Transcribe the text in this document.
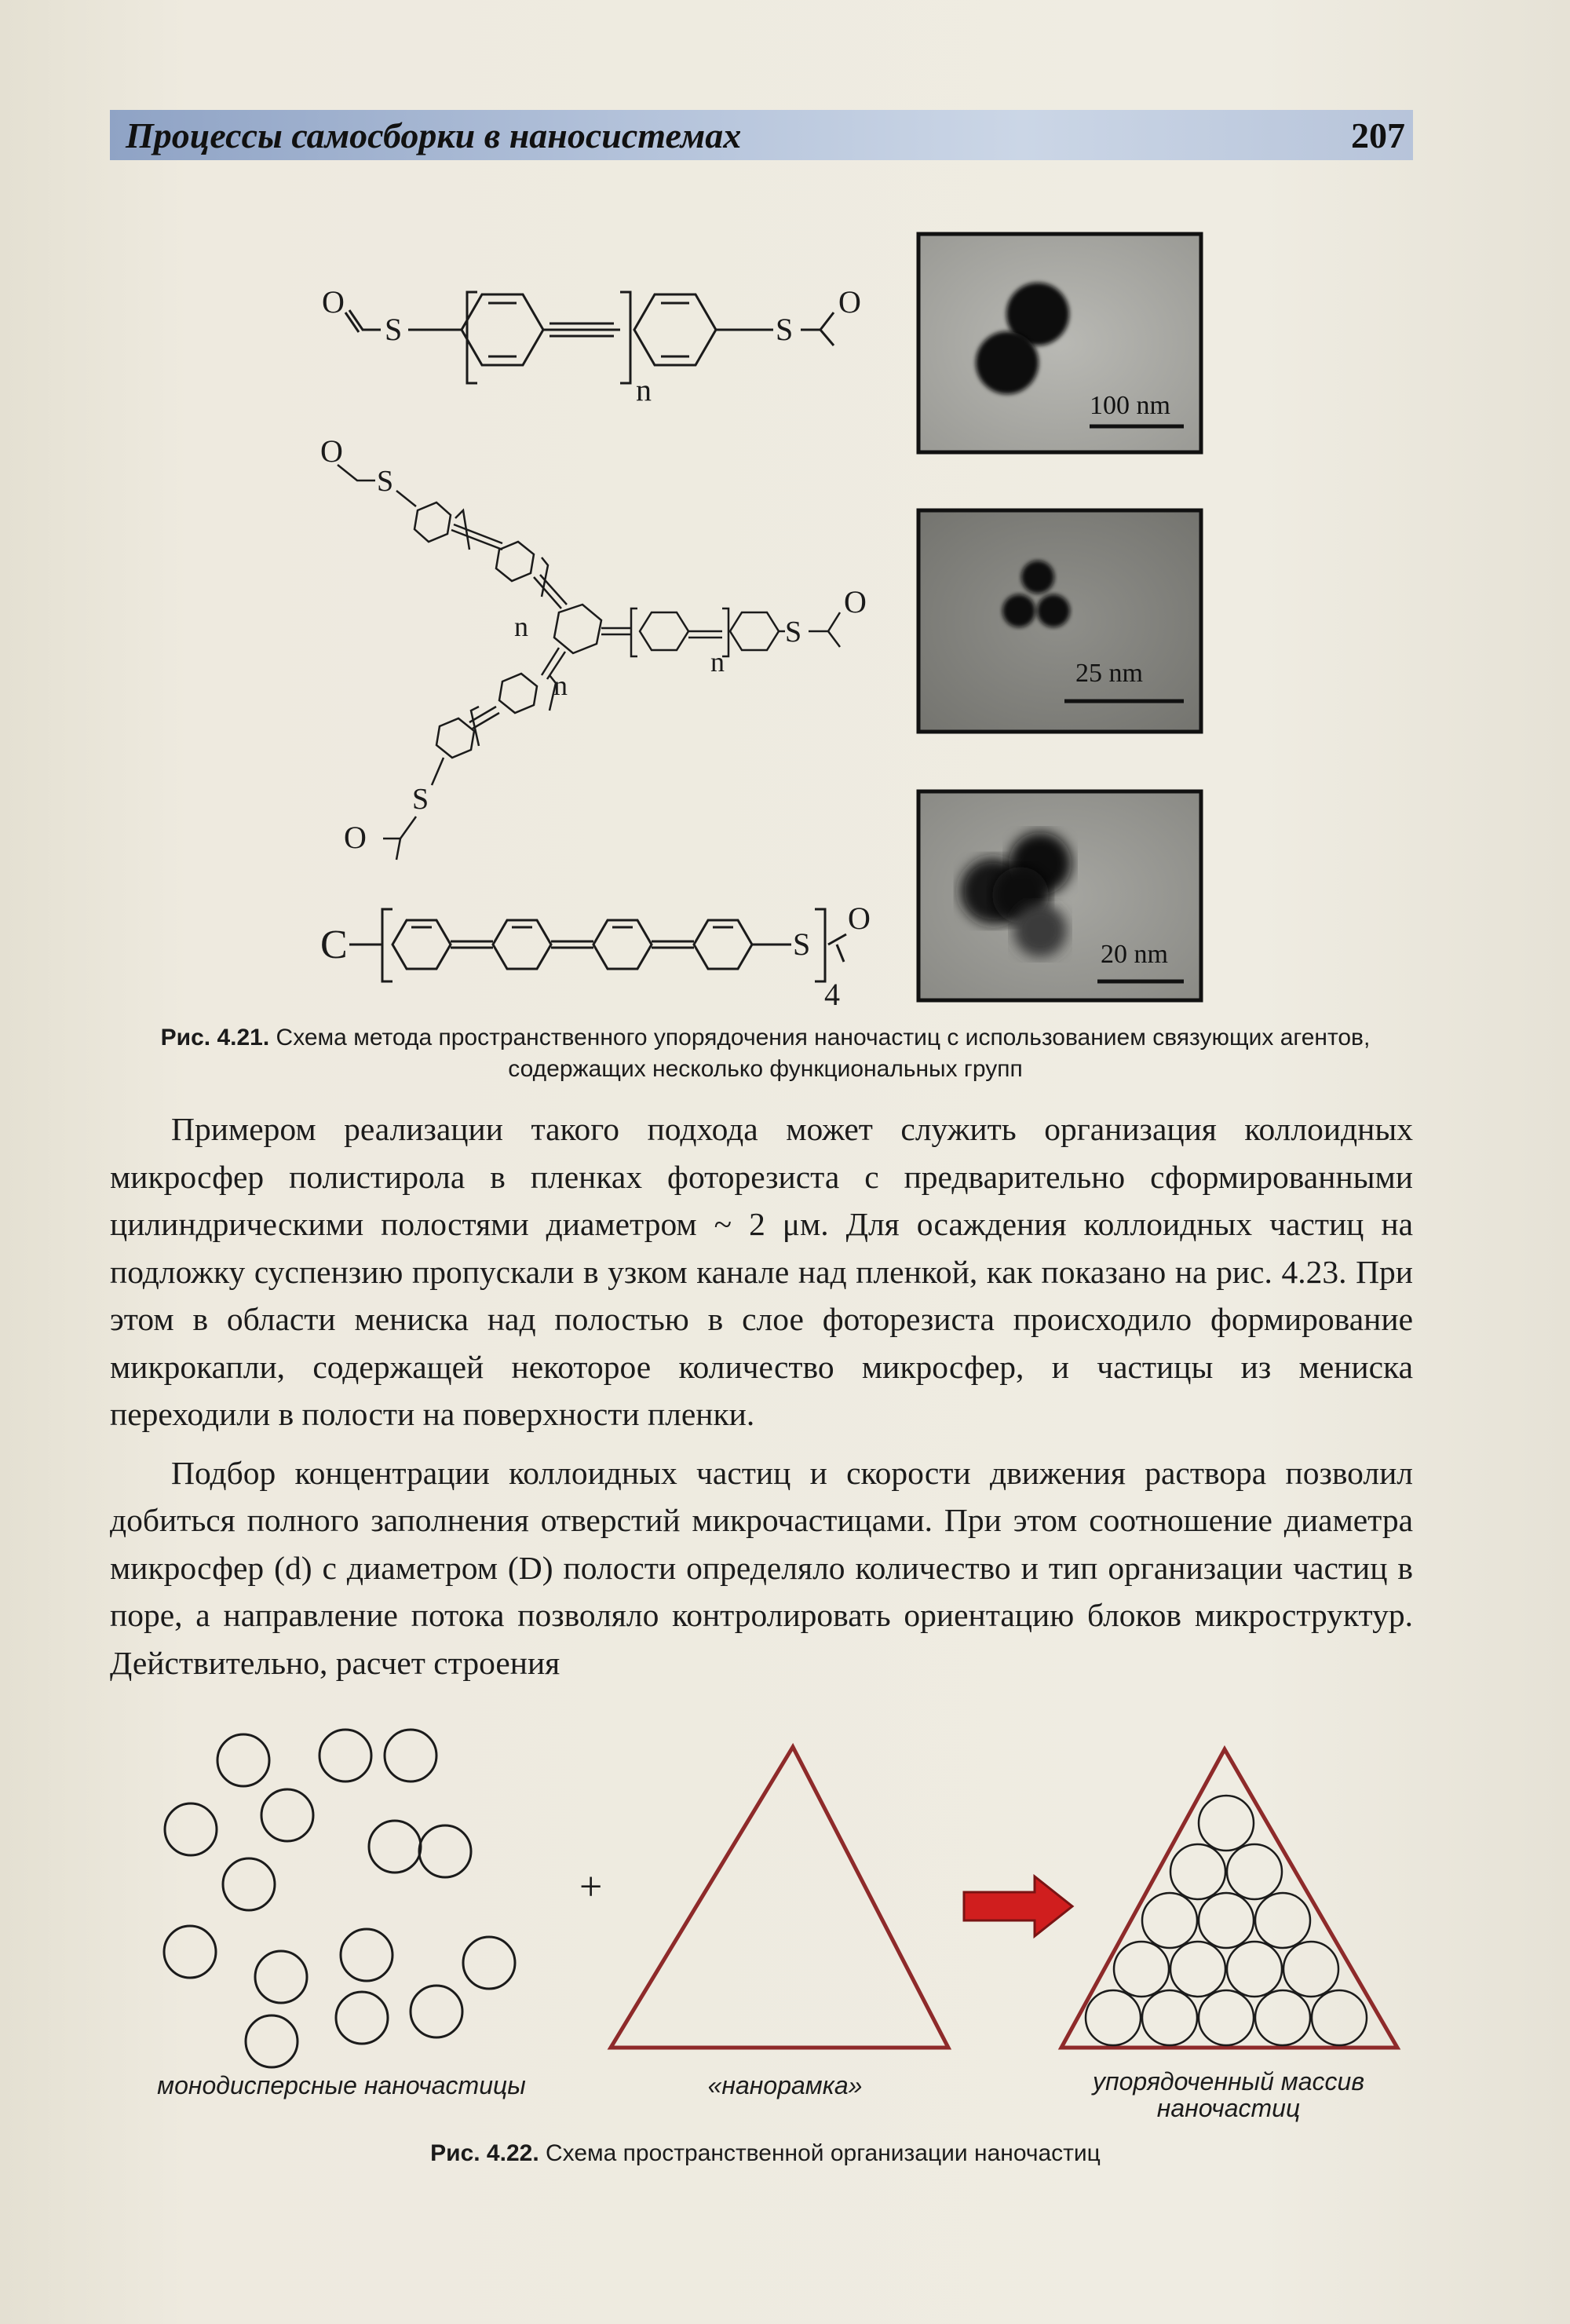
Процессы самосборки в наносистемах	207
O
S
n
S
O
O
S
n
n
S
O
n
S
O
C	S
4
O
100 nm
25 nm
20 nm
+
Рис. 4.21. Схема метода пространственного упорядочения наночастиц с использованием связующих агентов, содержащих несколько функциональных групп

Примером реализации такого подхода может служить организация коллоидных микросфер полистирола в пленках фоторезиста с предварительно сформированными цилиндрическими полостями диаметром ~ 2 μм. Для осаждения коллоидных частиц на подложку суспензию пропускали в узком канале над пленкой, как показано на рис. 4.23. При этом в области мениска над полостью в слое фоторезиста происходило формирование микрокапли, содержащей некоторое количество микросфер, и частицы из мениска переходили в полости на поверхности пленки.

Подбор концентрации коллоидных частиц и скорости движения раствора позволил добиться полного заполнения отверстий микрочастицами. При этом соотношение диаметра микросфер (d) с диаметром (D) полости определяло количество и тип организации частиц в поре, а направление потока позволяло контролировать ориентацию блоков микроструктур. Действительно, расчет строения

монодисперсные наночастицы	«нанорамка»	упорядоченный массив наночастиц
Рис. 4.22. Схема пространственной организации наночастиц
